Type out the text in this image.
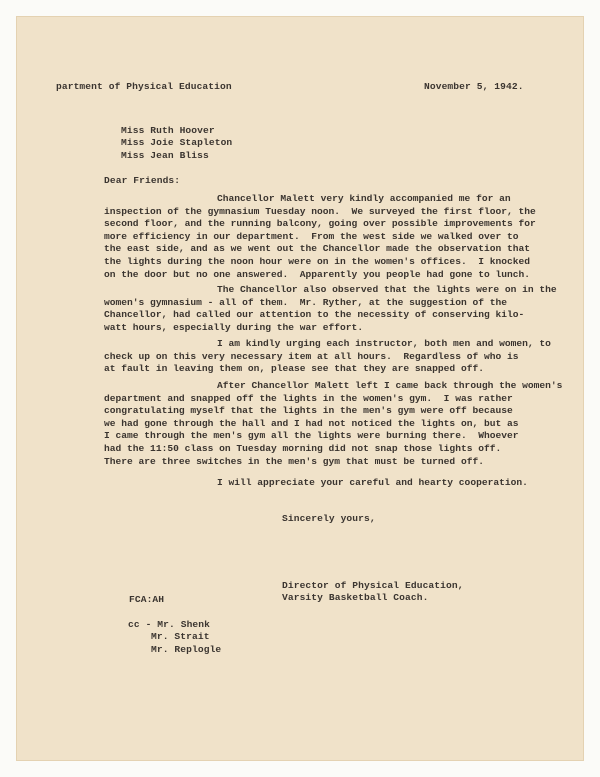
partment of Physical Education	November 5, 1942.
Miss Ruth Hoover
Miss Joie Stapleton
Miss Jean Bliss
Dear Friends:
Chancellor Malett very kindly accompanied me for an
inspection of the gymnasium Tuesday noon.  We surveyed the first floor, the
second floor, and the running balcony, going over possible improvements for
more efficiency in our department.  From the west side we walked over to
the east side, and as we went out the Chancellor made the observation that
the lights during the noon hour were on in the women's offices.  I knocked
on the door but no one answered.  Apparently you people had gone to lunch.
The Chancellor also observed that the lights were on in the
women's gymnasium - all of them.  Mr. Ryther, at the suggestion of the
Chancellor, had called our attention to the necessity of conserving kilo-
watt hours, especially during the war effort.
I am kindly urging each instructor, both men and women, to
check up on this very necessary item at all hours.  Regardless of who is
at fault in leaving them on, please see that they are snapped off.
After Chancellor Malett left I came back through the women's
department and snapped off the lights in the women's gym.  I was rather
congratulating myself that the lights in the men's gym were off because
we had gone through the hall and I had not noticed the lights on, but as
I came through the men's gym all the lights were burning there.  Whoever
had the 11:50 class on Tuesday morning did not snap those lights off.
There are three switches in the men's gym that must be turned off.
I will appreciate your careful and hearty cooperation.
Sincerely yours,
Director of Physical Education,
Varsity Basketball Coach.
FCA:AH
cc - Mr. Shenk
Mr. Strait
Mr. Replogle
